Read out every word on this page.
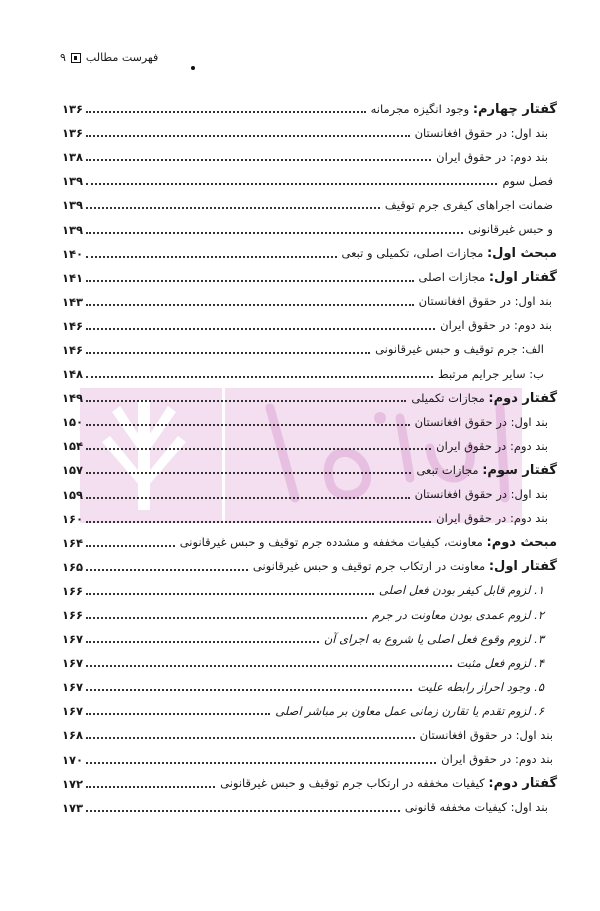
فهرست مطالب
۹
گفتار چهارم: وجود انگیزه مجرمانه
۱۳۶
بند اول: در حقوق افغانستان
۱۳۶
بند دوم: در حقوق ایران
۱۳۸
فصل سوم
۱۳۹
ضمانت اجراهای کیفری جرم توقیف
۱۳۹
و حبس غیرقانونی
۱۳۹
مبحث اول: مجازات اصلی، تکمیلی و تبعی
۱۴۰
گفتار اول: مجازات اصلی
۱۴۱
بند اول: در حقوق افغانستان
۱۴۳
بند دوم: در حقوق ایران
۱۴۶
الف: جرم توقیف و حبس غیرقانونی
۱۴۶
ب: سایر جرایم مرتبط
۱۴۸
گفتار دوم: مجازات تکمیلی
۱۴۹
بند اول: در حقوق افغانستان
۱۵۰
بند دوم: در حقوق ایران
۱۵۴
گفتار سوم: مجازات تبعی
۱۵۷
بند اول: در حقوق افغانستان
۱۵۹
بند دوم: در حقوق ایران
۱۶۰
مبحث دوم: معاونت، کیفیات مخففه و مشدده جرم توقیف و حبس غیرقانونی
۱۶۴
گفتار اول: معاونت در ارتکاب جرم توقیف و حبس غیرقانونی
۱۶۵
۱. لزوم قابل کیفر بودن فعل اصلی
۱۶۶
۲. لزوم عمدی بودن معاونت در جرم
۱۶۶
۳. لزوم وقوع فعل اصلی یا شروع به اجرای آن
۱۶۷
۴. لزوم فعل مثبت
۱۶۷
۵. وجود احراز رابطه علیت
۱۶۷
۶. لزوم تقدم یا تقارن زمانی عمل معاون بر مباشر اصلی
۱۶۷
بند اول: در حقوق افغانستان
۱۶۸
بند دوم: در حقوق ایران
۱۷۰
گفتار دوم: کیفیات مخففه در ارتکاب جرم توقیف و حبس غیرقانونی
۱۷۲
بند اول: کیفیات مخففه قانونی
۱۷۳
